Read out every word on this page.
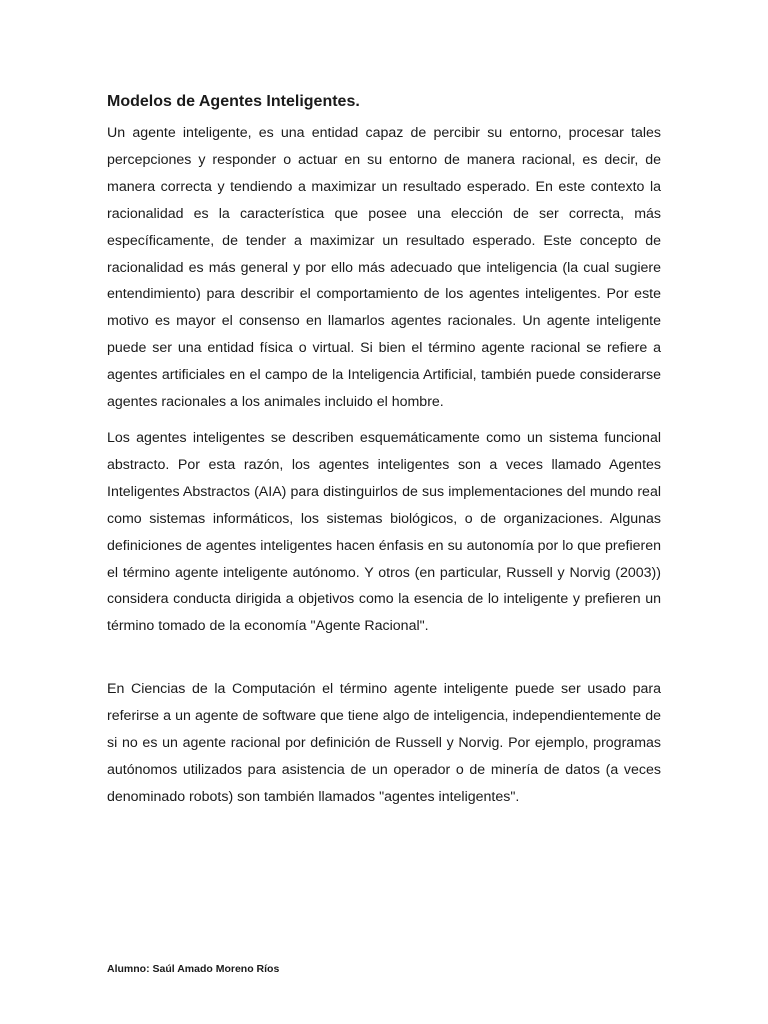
Modelos de Agentes Inteligentes.

Un agente inteligente, es una entidad capaz de percibir su entorno, procesar tales percepciones y responder o actuar en su entorno de manera racional, es decir, de manera correcta y tendiendo a maximizar un resultado esperado. En este contexto la racionalidad es la característica que posee una elección de ser correcta, más específicamente, de tender a maximizar un resultado esperado. Este concepto de racionalidad es más general y por ello más adecuado que inteligencia (la cual sugiere entendimiento) para describir el comportamiento de los agentes inteligentes. Por este motivo es mayor el consenso en llamarlos agentes racionales. Un agente inteligente puede ser una entidad física o virtual. Si bien el término agente racional se refiere a agentes artificiales en el campo de la Inteligencia Artificial, también puede considerarse agentes racionales a los animales incluido el hombre.

Los agentes inteligentes se describen esquemáticamente como un sistema funcional abstracto. Por esta razón, los agentes inteligentes son a veces llamado Agentes Inteligentes Abstractos (AIA) para distinguirlos de sus implementaciones del mundo real como sistemas informáticos, los sistemas biológicos, o de organizaciones. Algunas definiciones de agentes inteligentes hacen énfasis en su autonomía por lo que prefieren el término agente inteligente autónomo. Y otros (en particular, Russell y Norvig (2003)) considera conducta dirigida a objetivos como la esencia de lo inteligente y prefieren un término tomado de la economía "Agente Racional".

En Ciencias de la Computación el término agente inteligente puede ser usado para referirse a un agente de software que tiene algo de inteligencia, independientemente de si no es un agente racional por definición de Russell y Norvig. Por ejemplo, programas autónomos utilizados para asistencia de un operador o de minería de datos (a veces denominado robots) son también llamados "agentes inteligentes".

Alumno: Saúl Amado Moreno Ríos
